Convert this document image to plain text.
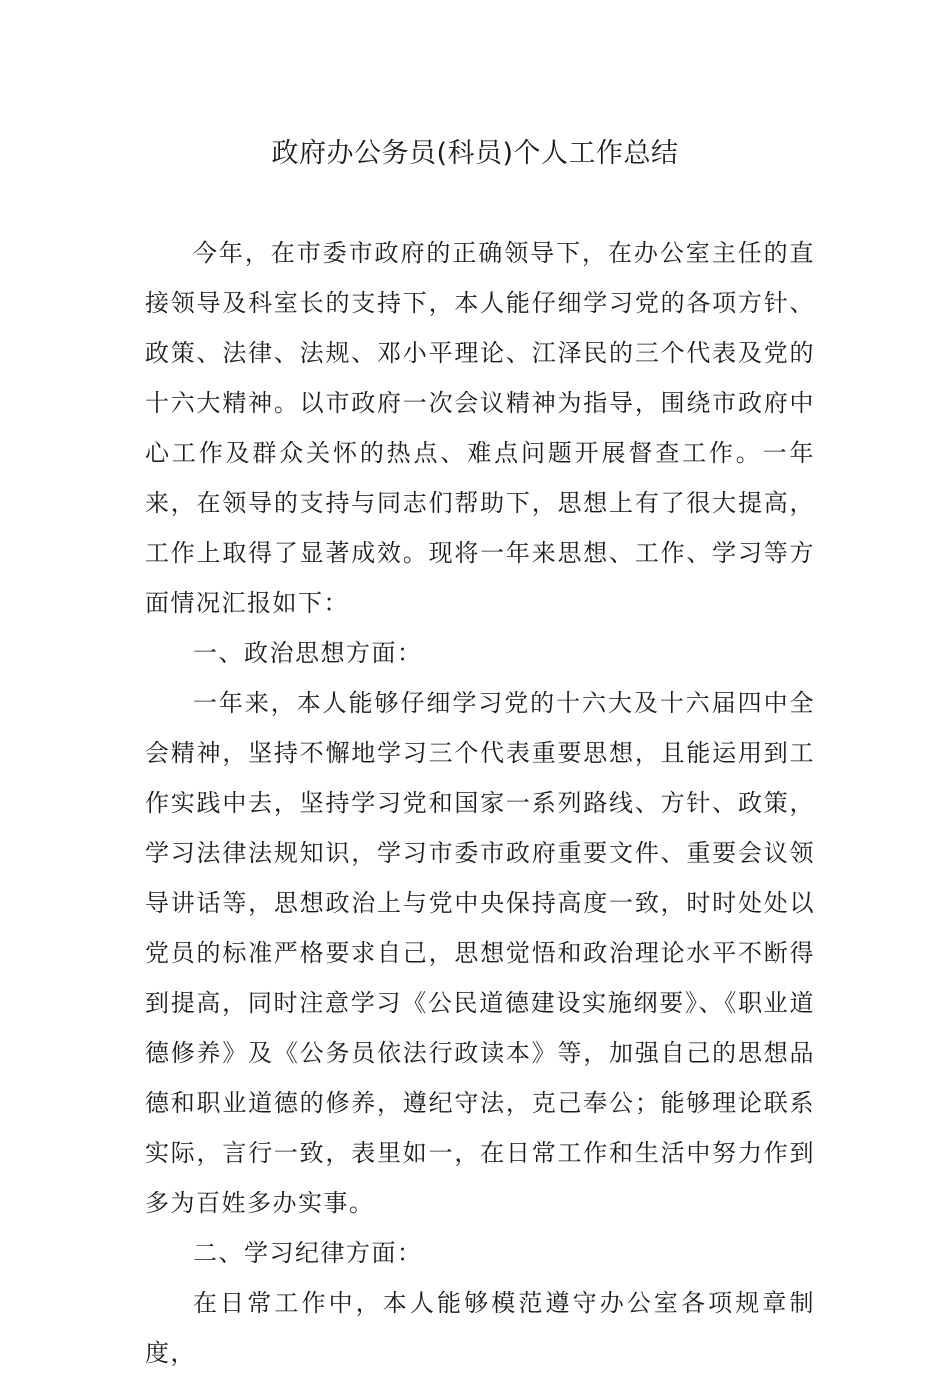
政府办公务员(科员)个人工作总结

今年，在市委市政府的正确领导下，在办公室主任的直接领导及科室长的支持下，本人能仔细学习党的各项方针、政策、法律、法规、邓小平理论、江泽民的三个代表及党的十六大精神。以市政府一次会议精神为指导，围绕市政府中心工作及群众关怀的热点、难点问题开展督查工作。一年来，在领导的支持与同志们帮助下，思想上有了很大提高，工作上取得了显著成效。现将一年来思想、工作、学习等方面情况汇报如下：

一、政治思想方面：

一年来，本人能够仔细学习党的十六大及十六届四中全会精神，坚持不懈地学习三个代表重要思想，且能运用到工作实践中去，坚持学习党和国家一系列路线、方针、政策，学习法律法规知识，学习市委市政府重要文件、重要会议领导讲话等，思想政治上与党中央保持高度一致，时时处处以党员的标准严格要求自己，思想觉悟和政治理论水平不断得到提高，同时注意学习《公民道德建设实施纲要》、《职业道德修养》及《公务员依法行政读本》等，加强自己的思想品德和职业道德的修养，遵纪守法，克己奉公；能够理论联系实际，言行一致，表里如一，在日常工作和生活中努力作到多为百姓多办实事。

二、学习纪律方面：

在日常工作中，本人能够模范遵守办公室各项规章制度，
